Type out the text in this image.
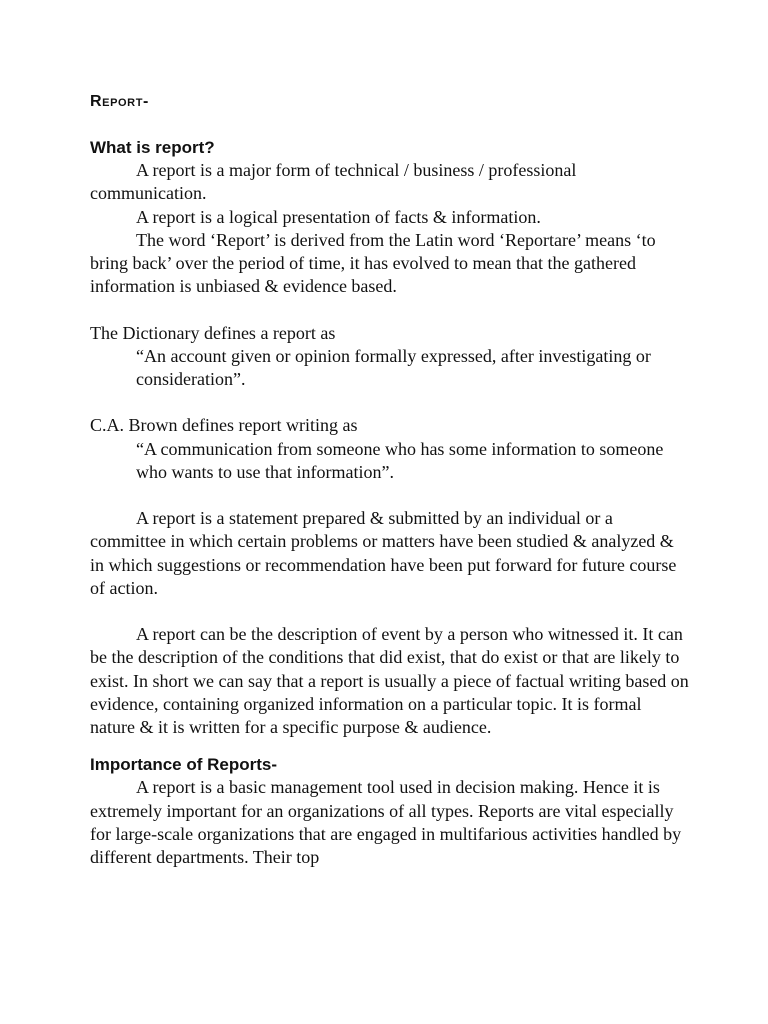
Report-
What is report?

A report is a major form of technical / business / professional communication.

A report is a logical presentation of facts & information.

The word ‘Report’ is derived from the Latin word ‘Reportare’ means ‘to bring back’ over the period of time, it has evolved to mean that the gathered information is unbiased & evidence based.

The Dictionary defines a report as

“An account given or opinion formally expressed, after investigating or consideration”.

C.A. Brown defines report writing as

“A communication from someone who has some information to someone who wants to use that information”.

A report is a statement prepared & submitted by an individual or a committee in which certain problems or matters have been studied & analyzed & in which suggestions or recommendation have been put forward for future course of action.

A report can be the description of event by a person who witnessed it. It can be the description of the conditions that did exist, that do exist or that are likely to exist. In short we can say that a report is usually a piece of factual writing based on evidence, containing organized information on a particular topic. It is formal nature & it is written for a specific purpose & audience.

Importance of Reports-

A report is a basic management tool used in decision making. Hence it is extremely important for an organizations of all types. Reports are vital especially for large-scale organizations that are engaged in multifarious activities handled by different departments. Their top
